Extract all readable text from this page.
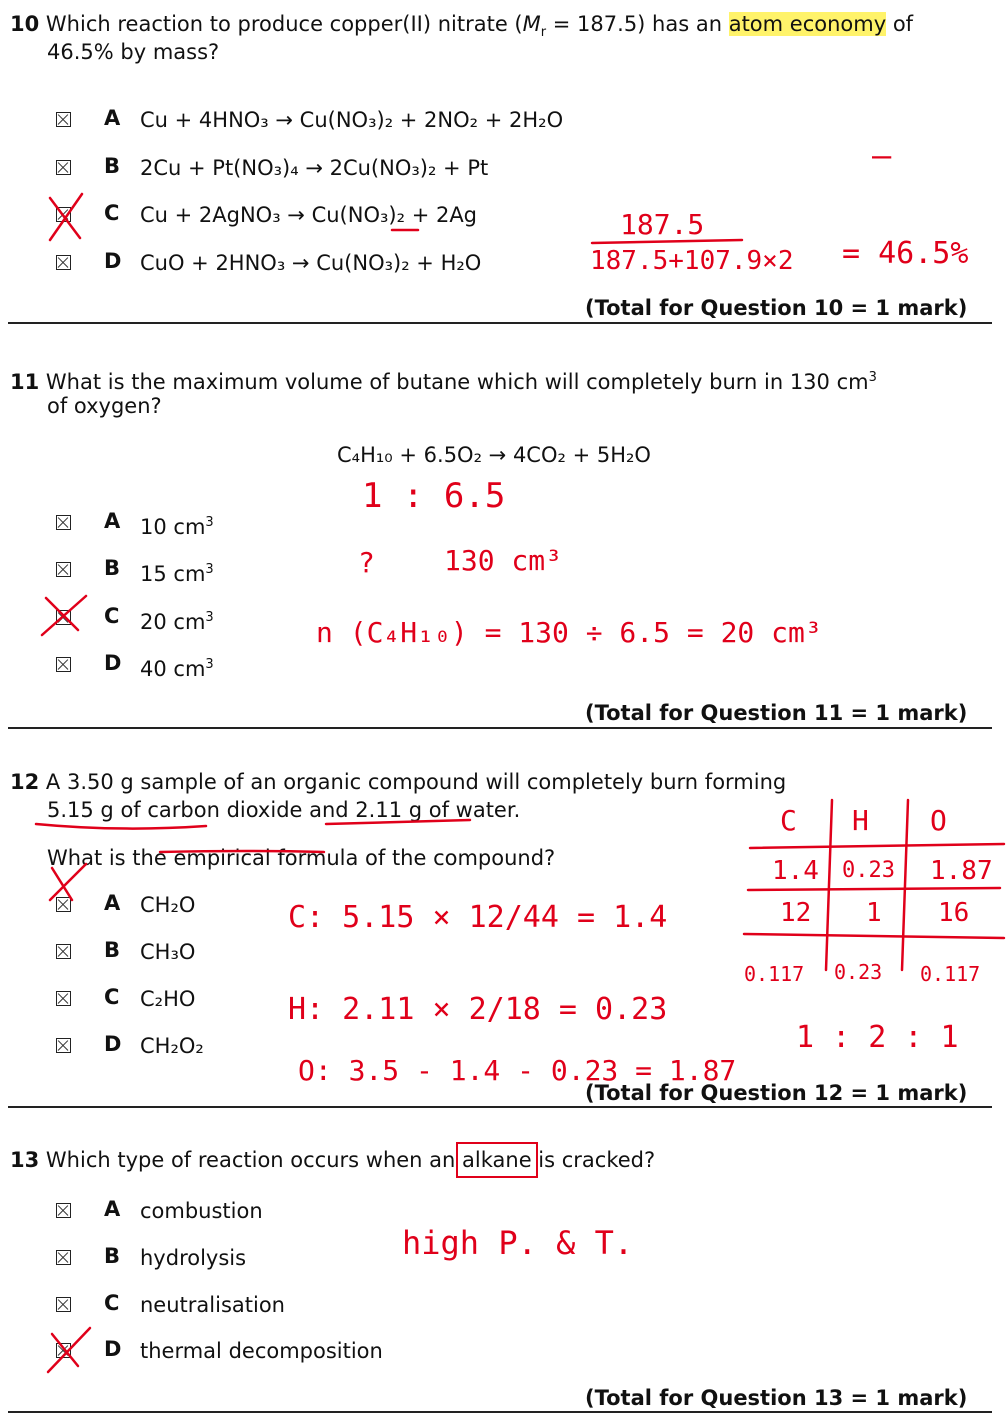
10 Which reaction to produce copper(II) nitrate $(M_r = 187.5)$ has an atom economy of
46.5% by mass?
A Cu + 4HNO₃ → Cu(NO₃)₂ + 2NO₂ + 2H₂O
B 2Cu + Pt(NO₃)₄ → 2Cu(NO₃)₂ + Pt
C Cu + 2AgNO₃ → Cu(NO₃)₂ + 2Ag
D CuO + 2HNO₃ → Cu(NO₃)₂ + H₂O
–
187.5
187.5+107.9×2 = 46.5%
(Total for Question 10 = 1 mark)
11 What is the maximum volume of butane which will completely burn in 130 $cm^3$
of oxygen?
C₄H₁₀ + 6.5O₂ → 4CO₂ + 5H₂O
A 10 $cm^3$
B 15 $cm^3$
C 20 $cm^3$
D 40 $cm^3$
1 : 6.5
? 130 cm³
n (C₄H₁₀) = 130 ÷ 6.5 = 20 cm³
(Total for Question 11 = 1 mark)
12 A 3.50 g sample of an organic compound will completely burn forming
5.15 g of carbon dioxide and 2.11 g of water.
What is the empirical formula of the compound?
A CH₂O
B CH₃O
C C₂HO
D CH₂O₂
C: 5.15 × 12/44 = 1.4
H: 2.11 × 2/18 = 0.23
O: 3.5 - 1.4 - 0.23 = 1.87
C H O
1.4 0.23 1.87
12 1 16
0.117 0.23 0.117
1 : 2 : 1
(Total for Question 12 = 1 mark)
13 Which type of reaction occurs when an alkane is cracked?
A combustion
B hydrolysis
C neutralisation
D thermal decomposition
high P. & T.
(Total for Question 13 = 1 mark)
